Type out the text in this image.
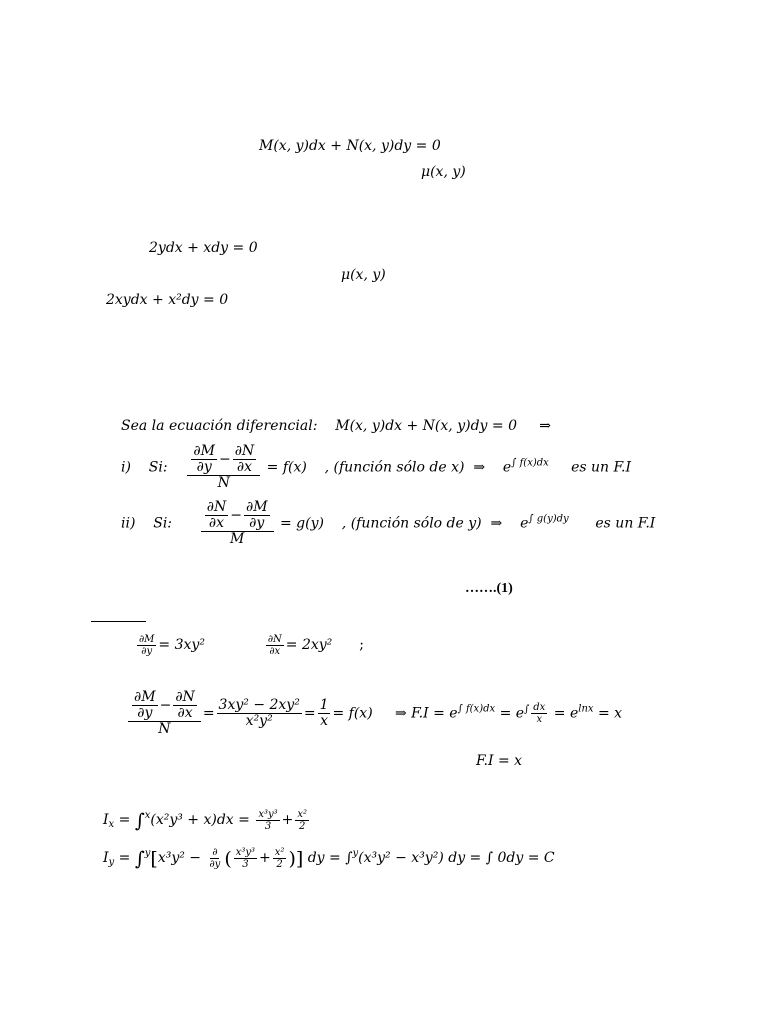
M(x, y)dx + N(x, y)dy = 0
μ(x, y)
2ydx + xdy = 0
μ(x, y)
2xydx + x²dy = 0
Sea la ecuación diferencial: M(x, y)dx + N(x, y)dy = 0 ⇒
i) Si: $\frac{\frac{\partial M}{\partial y} - \frac{\partial N}{\partial x}}{N} = f(x)$ , (función sólo de x) ⇒ $e^{\int f(x)dx}$ es un F.I
ii) Si: $\frac{\frac{\partial N}{\partial x} - \frac{\partial M}{\partial y}}{M} = g(y)$ , (función sólo de y) ⇒ $e^{\int g(y)dy}$ es un F.I
…….(1)
$\frac{\partial M}{\partial y} = 3xy^2$	$\frac{\partial N}{\partial x} = 2xy^2$ ;
$\frac{\frac{\partial M}{\partial y} - \frac{\partial N}{\partial x}}{N} = \frac{\text{3xy² − 2xy²}}{\text{x²y²}} = \frac{1}{x} = f(x)$ ⇒ $F.I = e^{\int f(x)dx} = e^{\int \frac{dx}{x}} = e^{lnx} = x$
F.I = x
$I_x = \int^x(x^2y^3 + x)dx = \frac{\text{x³y³}}{3} + \frac{\text{x²}}{2}$
$I_y = \int^y[x^3y^2 - \frac{\partial}{\partial y}$ ( $\frac{\text{x³y³}}{3} + \frac{\text{x²}}{2}$ )] dy = ∫$^y$(x³y² − x³y²) dy = ∫ 0dy = C
